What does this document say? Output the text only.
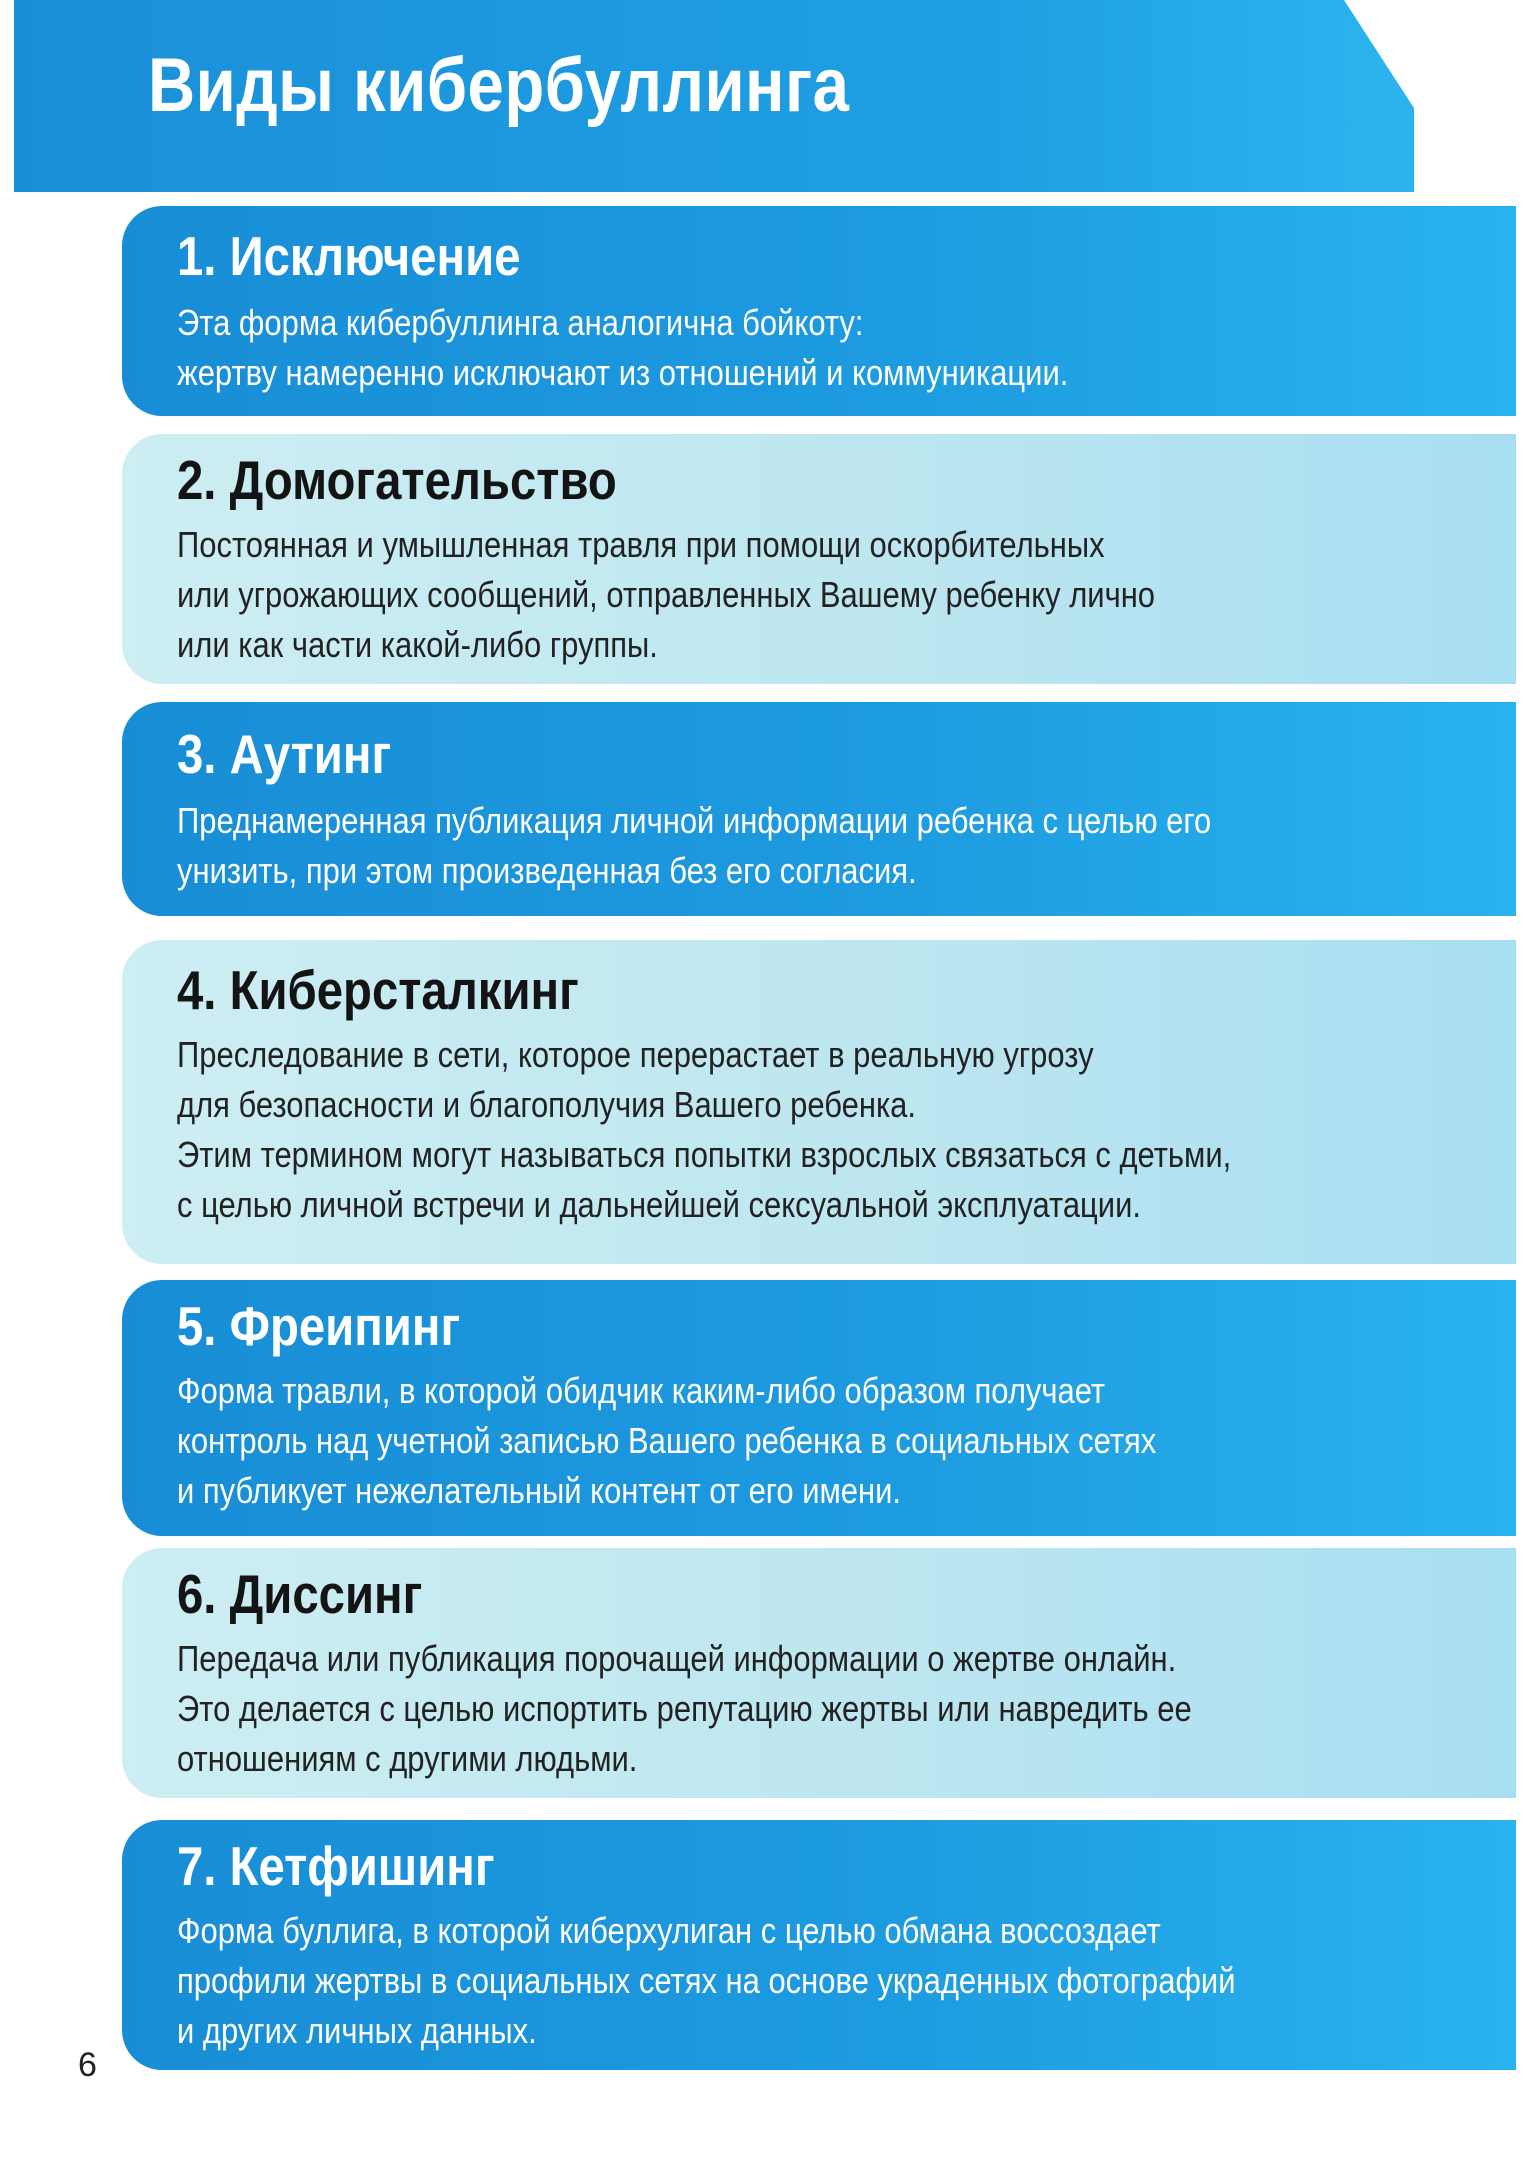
Виды кибербуллинга
1. Исключение
Эта форма кибербуллинга аналогична бойкоту:
жертву намеренно исключают из отношений и коммуникации.
2. Домогательство
Постоянная и умышленная травля при помощи оскорбительных
или угрожающих сообщений, отправленных Вашему ребенку лично
или как части какой-либо группы.
3. Аутинг
Преднамеренная публикация личной информации ребенка с целью его
унизить, при этом произведенная без его согласия.
4. Киберсталкинг
Преследование в сети, которое перерастает в реальную угрозу
для безопасности и благополучия Вашего ребенка.
Этим термином могут называться попытки взрослых связаться с детьми,
с целью личной встречи и дальнейшей сексуальной эксплуатации.
5. Фреипинг
Форма травли, в которой обидчик каким-либо образом получает
контроль над учетной записью Вашего ребенка в социальных сетях
и публикует нежелательный контент от его имени.
6. Диссинг
Передача или публикация порочащей информации о жертве онлайн.
Это делается с целью испортить репутацию жертвы или навредить ее
отношениям с другими людьми.
7. Кетфишинг
Форма буллига, в которой киберхулиган с целью обмана воссоздает
профили жертвы в социальных сетях на основе украденных фотографий
и других личных данных.
6
